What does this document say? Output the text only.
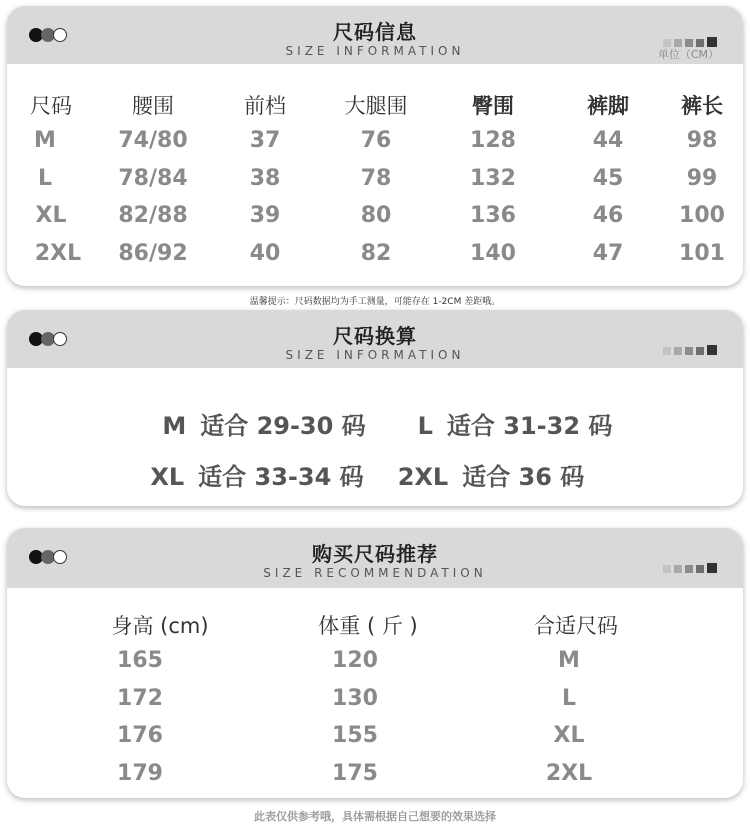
尺码信息
SIZE INFORMATION	单位（CM）
尺码	腰围	前档	大腿围	臀围	裤脚 裤长
M	74/80	37	76	128	44	98
L	78/84	38	78	132	45	99
XL 82/88	39	80	136	46	100
2XL 86/92	40	82	140	47	101
温馨提示：尺码数据均为手工测量，可能存在 1-2CM 差距哦。
尺码换算
SIZE INFORMATION
M 适合 29-30 码 L 适合 31-32 码
XL 适合 33-34 码 2XL 适合 36 码
购买尺码推荐
SIZE RECOMMENDATION
身高 (cm)	体重 ( 斤 )	合适尺码
165	120	M
172	130	L
176	155	XL
179	175	2XL
此表仅供参考哦，具体需根据自己想要的效果选择
